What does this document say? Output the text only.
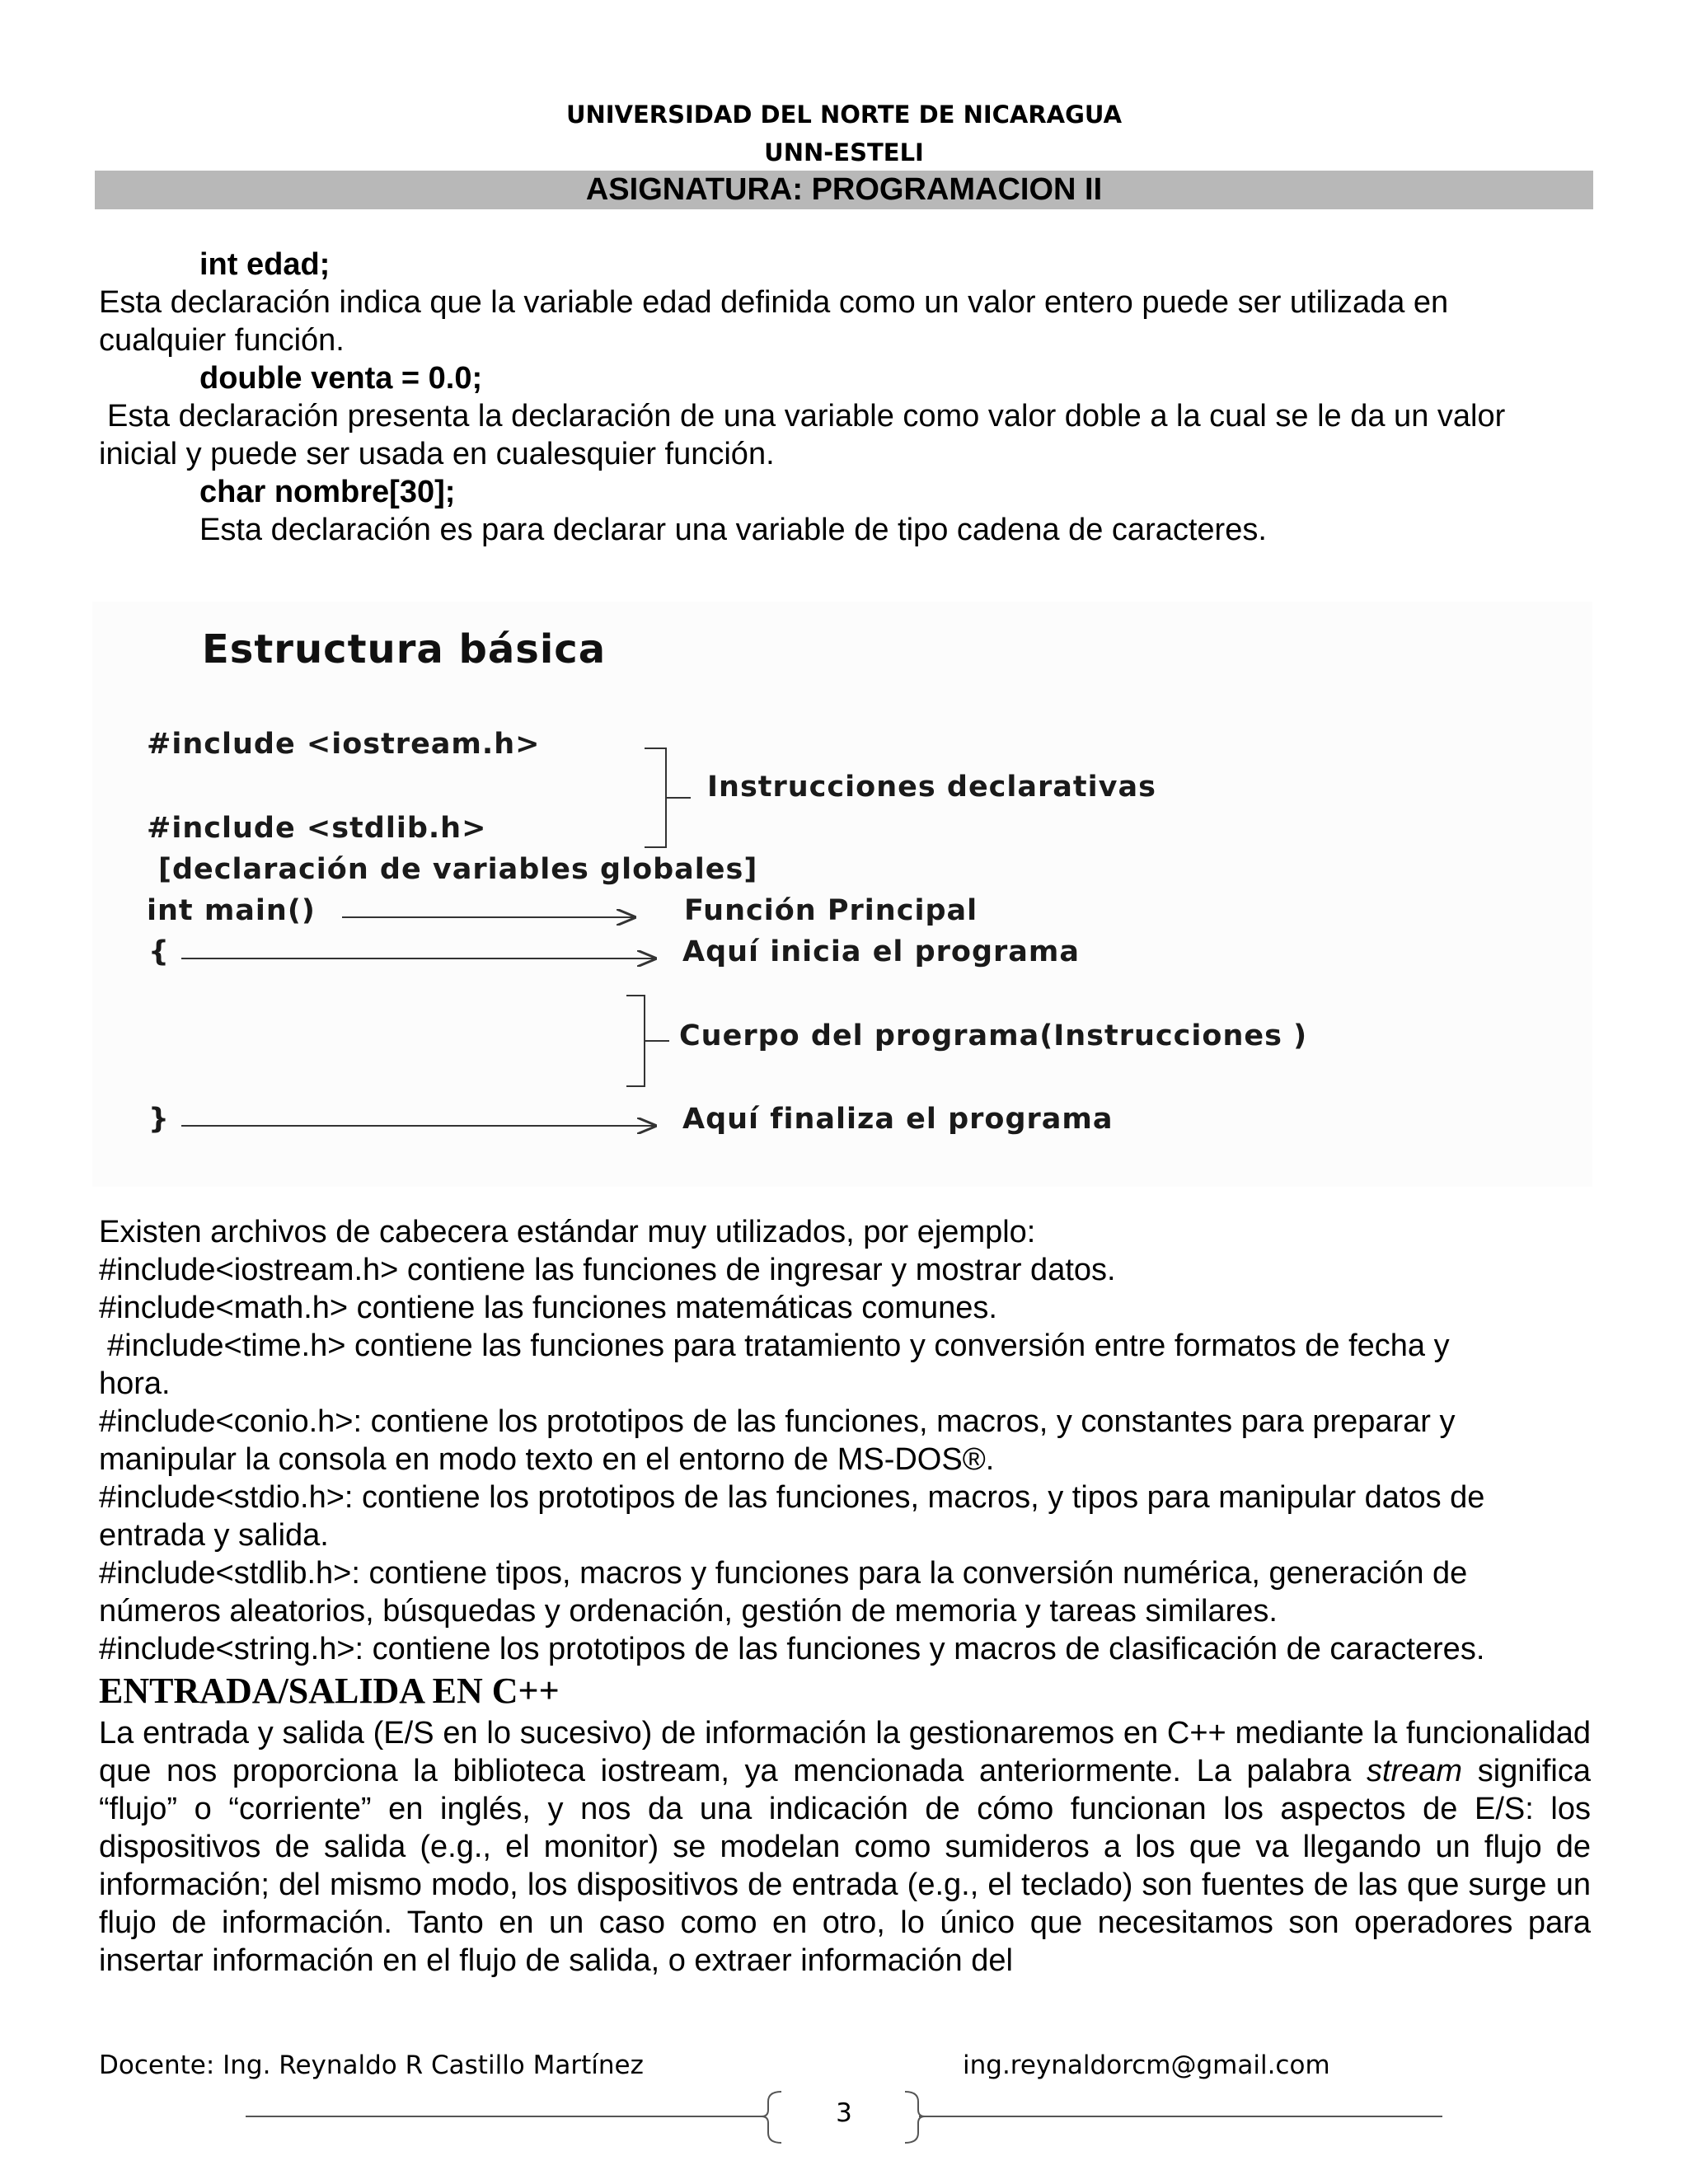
UNIVERSIDAD DEL NORTE DE NICARAGUA
UNN-ESTELI
ASIGNATURA: PROGRAMACION II
int edad;
Esta declaración indica que la variable edad definida como un valor entero puede ser utilizada en
cualquier función.
double venta = 0.0;
Esta declaración presenta la declaración de una variable como valor doble a la cual se le da un valor
inicial y puede ser usada en cualesquier función.
char nombre[30];
Esta declaración es para declarar una variable de tipo cadena de caracteres.
Estructura básica
#include <iostream.h>
#include <stdlib.h>
[declaración de variables globales]
int main()
{
}
Instrucciones declarativas
Función Principal
Aquí inicia el programa
Cuerpo del programa(Instrucciones )
Aquí finaliza el programa
Existen archivos de cabecera estándar muy utilizados, por ejemplo:
#include<iostream.h> contiene las funciones de ingresar y mostrar datos.
#include<math.h> contiene las funciones matemáticas comunes.
#include<time.h> contiene las funciones para tratamiento y conversión entre formatos de fecha y
hora.
#include<conio.h>: contiene los prototipos de las funciones, macros, y constantes para preparar y
manipular la consola en modo texto en el entorno de MS-DOS®.
#include<stdio.h>: contiene los prototipos de las funciones, macros, y tipos para manipular datos de
entrada y salida.
#include<stdlib.h>: contiene tipos, macros y funciones para la conversión numérica, generación de
números aleatorios, búsquedas y ordenación, gestión de memoria y tareas similares.
#include<string.h>: contiene los prototipos de las funciones y macros de clasificación de caracteres.
ENTRADA/SALIDA EN C++
La entrada y salida (E/S en lo sucesivo) de información la gestionaremos en C++ mediante la funcionalidad que nos proporciona la biblioteca iostream, ya mencionada anteriormente. La palabra stream significa “flujo” o “corriente” en inglés, y nos da una indicación de cómo funcionan los aspectos de E/S: los dispositivos de salida (e.g., el monitor) se modelan como sumideros a los que va llegando un flujo de información; del mismo modo, los dispositivos de entrada (e.g., el teclado) son fuentes de las que surge un flujo de información. Tanto en un caso como en otro, lo único que necesitamos son operadores para insertar información en el flujo de salida, o extraer información del
Docente: Ing. Reynaldo R Castillo Martínez	ing.reynaldorcm@gmail.com
3
